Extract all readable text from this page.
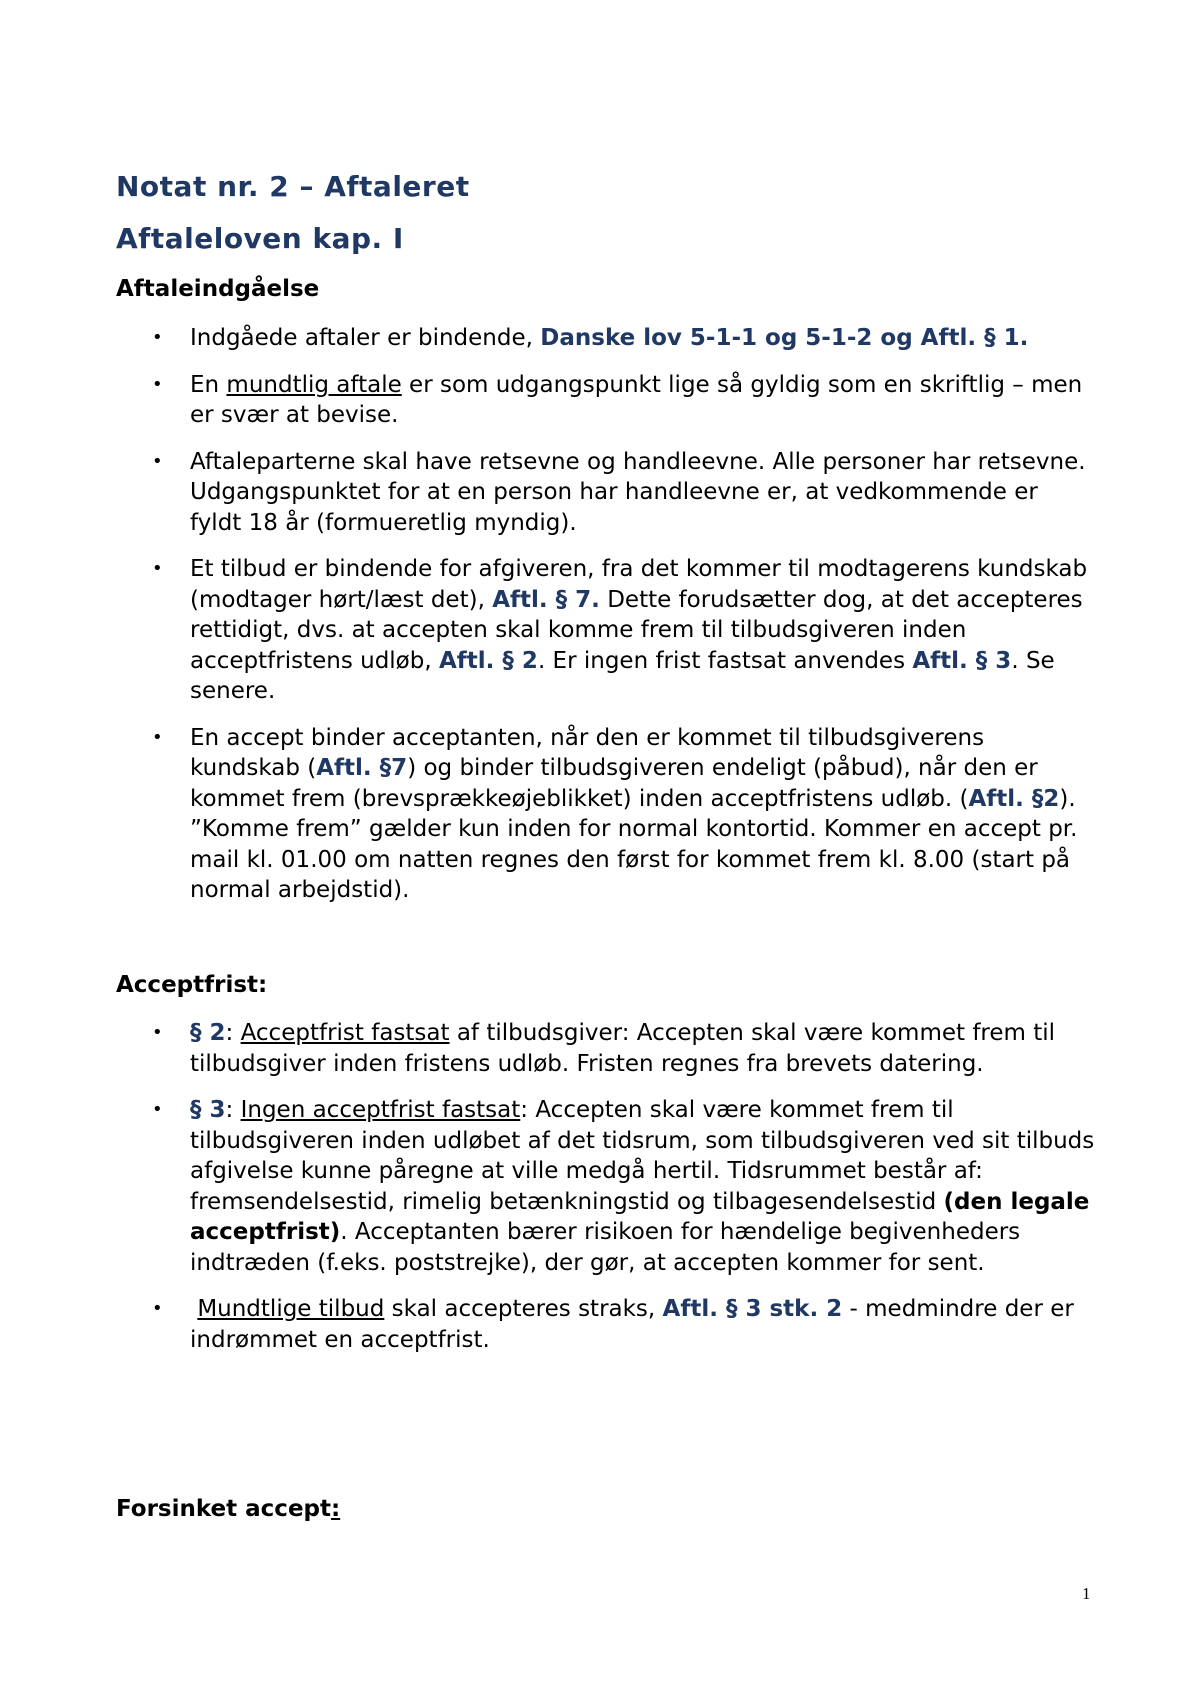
Notat nr. 2 – Aftaleret
Aftaleloven kap. I

Aftaleindgåelse

• Indgåede aftaler er bindende, Danske lov 5-1-1 og 5-1-2 og Aftl. § 1.
• En mundtlig aftale er som udgangspunkt lige så gyldig som en skriftlig – men er svær at bevise.
• Aftaleparterne skal have retsevne og handleevne. Alle personer har retsevne. Udgangspunktet for at en person har handleevne er, at vedkommende er fyldt 18 år (formueretlig myndig).
• Et tilbud er bindende for afgiveren, fra det kommer til modtagerens kundskab (modtager hørt/læst det), Aftl. § 7. Dette forudsætter dog, at det accepteres rettidigt, dvs. at accepten skal komme frem til tilbudsgiveren inden acceptfristens udløb, Aftl. § 2. Er ingen frist fastsat anvendes Aftl. § 3. Se senere.
• En accept binder acceptanten, når den er kommet til tilbudsgiverens kundskab (Aftl. §7) og binder tilbudsgiveren endeligt (påbud), når den er kommet frem (brevsprækkeøjeblikket) inden acceptfristens udløb. (Aftl. §2). ”Komme frem” gælder kun inden for normal kontortid. Kommer en accept pr. mail kl. 01.00 om natten regnes den først for kommet frem kl. 8.00 (start på normal arbejdstid).

Acceptfrist:

• § 2: Acceptfrist fastsat af tilbudsgiver: Accepten skal være kommet frem til tilbudsgiver inden fristens udløb. Fristen regnes fra brevets datering.
• § 3: Ingen acceptfrist fastsat: Accepten skal være kommet frem til tilbudsgiveren inden udløbet af det tidsrum, som tilbudsgiveren ved sit tilbuds afgivelse kunne påregne at ville medgå hertil. Tidsrummet består af: fremsendelsestid, rimelig betænkningstid og tilbagesendelsestid (den legale acceptfrist). Acceptanten bærer risikoen for hændelige begivenheders indtræden (f.eks. poststrejke), der gør, at accepten kommer for sent.
• Mundtlige tilbud skal accepteres straks, Aftl. § 3 stk. 2 - medmindre der er indrømmet en acceptfrist.

Forsinket accept:

1
